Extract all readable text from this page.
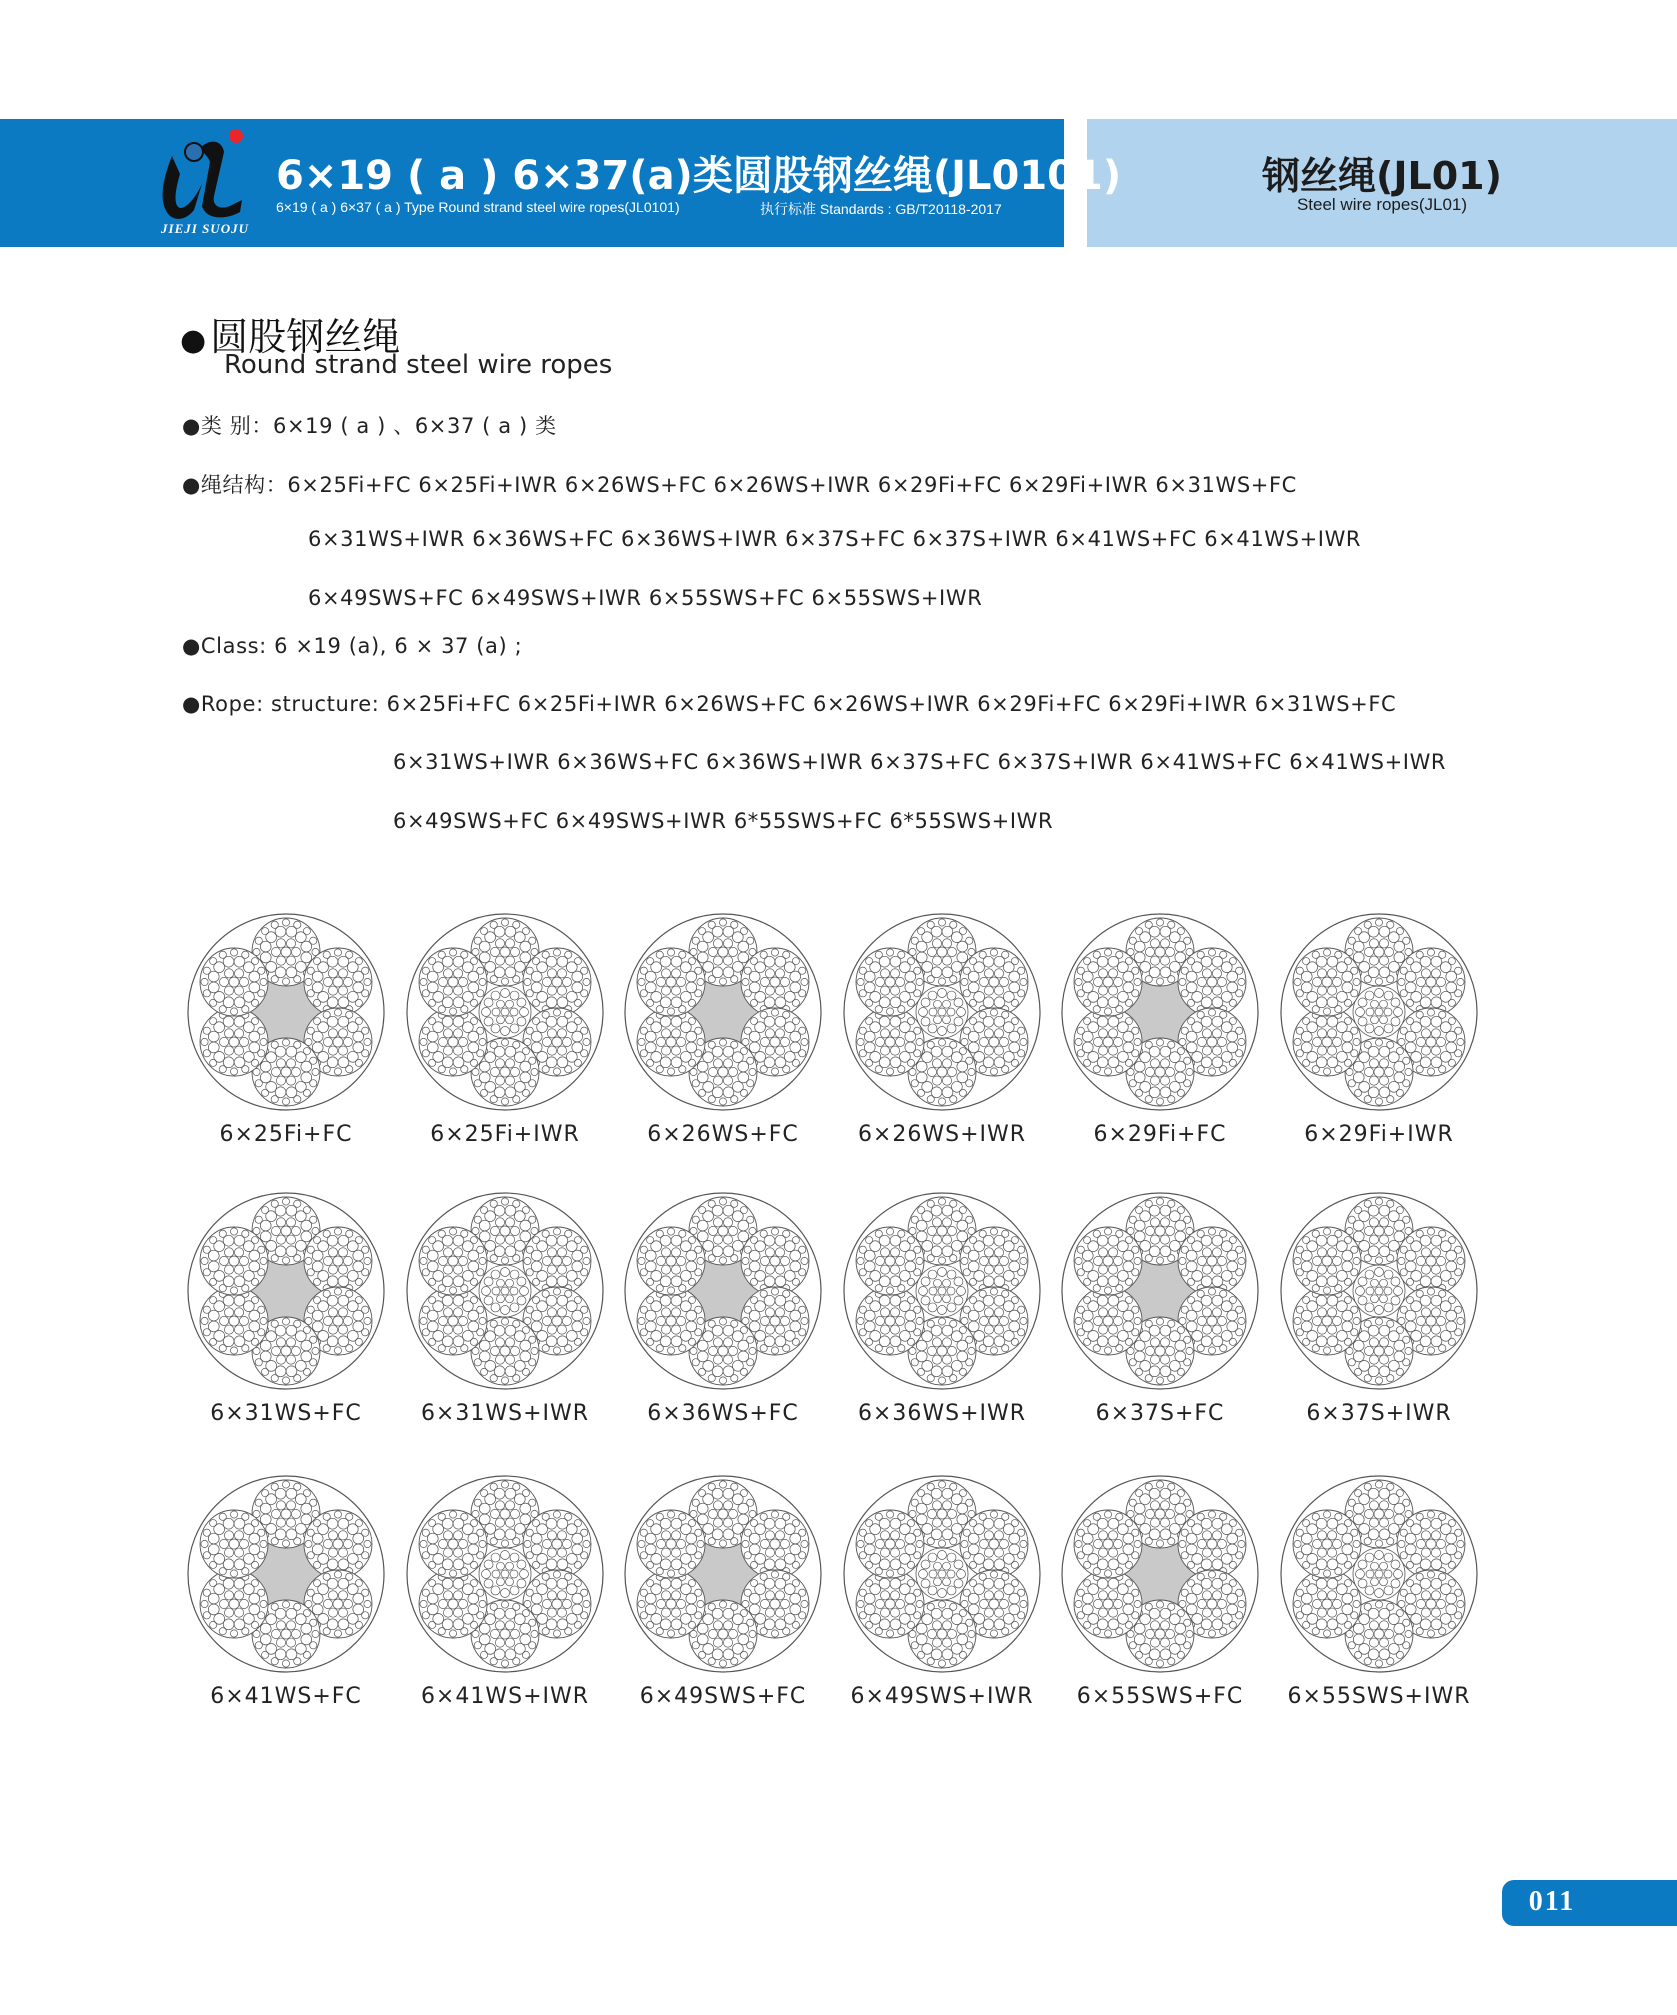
JIEJI SUOJU
6×19 ( a ) 6×37(a)类圆股钢丝绳(JL0101)
6×19 ( a ) 6×37 ( a ) Type Round strand steel wire ropes(JL0101)	执行标准 Standards : GB/T20118-2017
钢丝绳(JL01)
Steel wire ropes(JL01)
● 圆股钢丝绳
Round strand steel wire ropes
●类 别：6×19 ( a ) 、6×37 ( a ) 类
●绳结构：6×25Fi+FC 6×25Fi+IWR 6×26WS+FC 6×26WS+IWR 6×29Fi+FC 6×29Fi+IWR 6×31WS+FC
6×31WS+IWR 6×36WS+FC 6×36WS+IWR 6×37S+FC 6×37S+IWR 6×41WS+FC 6×41WS+IWR
6×49SWS+FC 6×49SWS+IWR 6×55SWS+FC 6×55SWS+IWR
●Class: 6 ×19 (a), 6 × 37 (a) ;
●Rope: structure: 6×25Fi+FC 6×25Fi+IWR 6×26WS+FC 6×26WS+IWR 6×29Fi+FC 6×29Fi+IWR 6×31WS+FC
6×31WS+IWR 6×36WS+FC 6×36WS+IWR 6×37S+FC 6×37S+IWR 6×41WS+FC 6×41WS+IWR
6×49SWS+FC 6×49SWS+IWR 6*55SWS+FC 6*55SWS+IWR
6×25Fi+FC	6×25Fi+IWR	6×26WS+FC	6×26WS+IWR	6×29Fi+FC	6×29Fi+IWR
6×31WS+FC	6×31WS+IWR	6×36WS+FC	6×36WS+IWR	6×37S+FC	6×37S+IWR
6×41WS+FC	6×41WS+IWR	6×49SWS+FC	6×49SWS+IWR	6×55SWS+FC	6×55SWS+IWR
011
